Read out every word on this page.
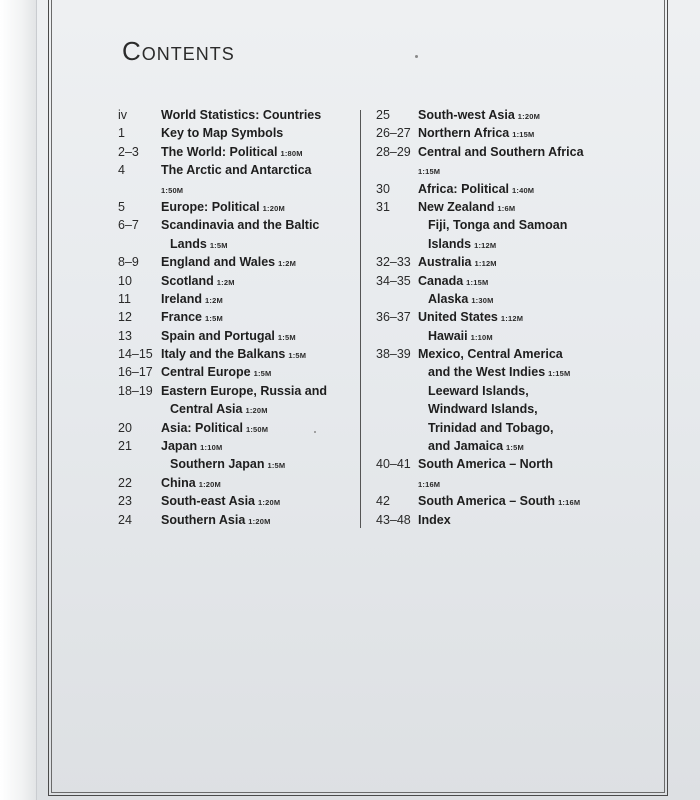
Contents
iv	World Statistics: Countries
1	Key to Map Symbols
2–3 The World: Political 1:80M
4	The Arctic and Antarctica
1:50M
5	Europe: Political 1:20M
6–7 Scandinavia and the Baltic
Lands 1:5M
8–9 England and Wales 1:2M
10 Scotland 1:2M
11 Ireland 1:2M
12 France 1:5M
13 Spain and Portugal 1:5M
14–15 Italy and the Balkans 1:5M
16–17 Central Europe 1:5M
18–19 Eastern Europe, Russia and
Central Asia 1:20M
20 Asia: Political 1:50M
21 Japan 1:10M
Southern Japan 1:5M
22 China 1:20M
23 South-east Asia 1:20M
24 Southern Asia 1:20M
25 South-west Asia 1:20M
26–27 Northern Africa 1:15M
28–29 Central and Southern Africa
1:15M
30 Africa: Political 1:40M
31 New Zealand 1:6M
Fiji, Tonga and Samoan
Islands 1:12M
32–33 Australia 1:12M
34–35 Canada 1:15M
Alaska 1:30M
36–37 United States 1:12M
Hawaii 1:10M
38–39 Mexico, Central America
and the West Indies 1:15M
Leeward Islands,
Windward Islands,
Trinidad and Tobago,
and Jamaica 1:5M
40–41 South America – North
1:16M
42 South America – South 1:16M
43–48 Index
